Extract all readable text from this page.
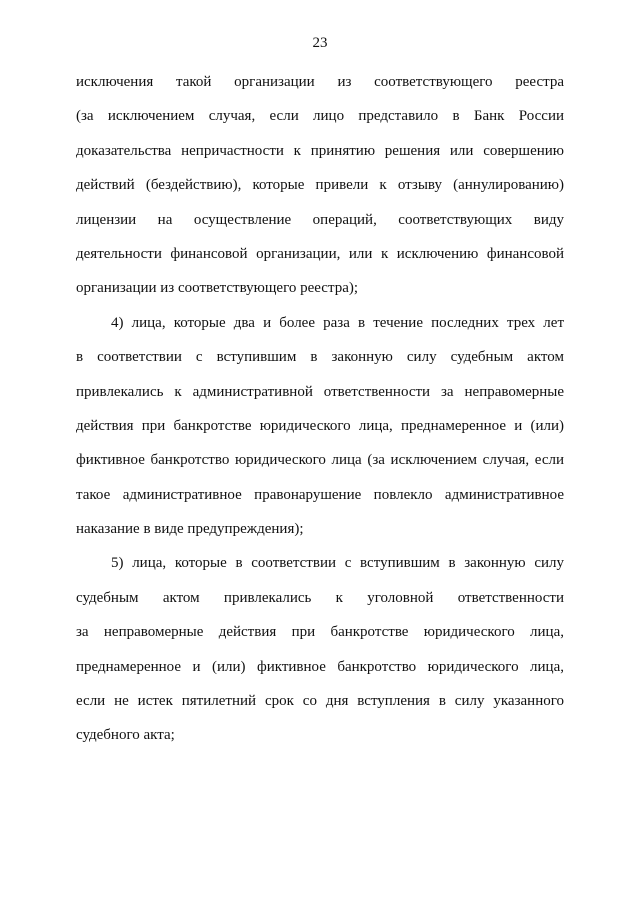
23
исключения такой организации из соответствующего реестра
(за исключением случая, если лицо представило в Банк России
доказательства непричастности к принятию решения или совершению
действий (бездействию), которые привели к отзыву (аннулированию)
лицензии на осуществление операций, соответствующих виду
деятельности финансовой организации, или к исключению финансовой
организации из соответствующего реестра);
4) лица, которые два и более раза в течение последних трех лет
в соответствии с вступившим в законную силу судебным актом
привлекались к административной ответственности за неправомерные
действия при банкротстве юридического лица, преднамеренное и (или)
фиктивное банкротство юридического лица (за исключением случая, если
такое административное правонарушение повлекло административное
наказание в виде предупреждения);
5) лица, которые в соответствии с вступившим в законную силу
судебным актом привлекались к уголовной ответственности
за неправомерные действия при банкротстве юридического лица,
преднамеренное и (или) фиктивное банкротство юридического лица,
если не истек пятилетний срок со дня вступления в силу указанного
судебного акта;
